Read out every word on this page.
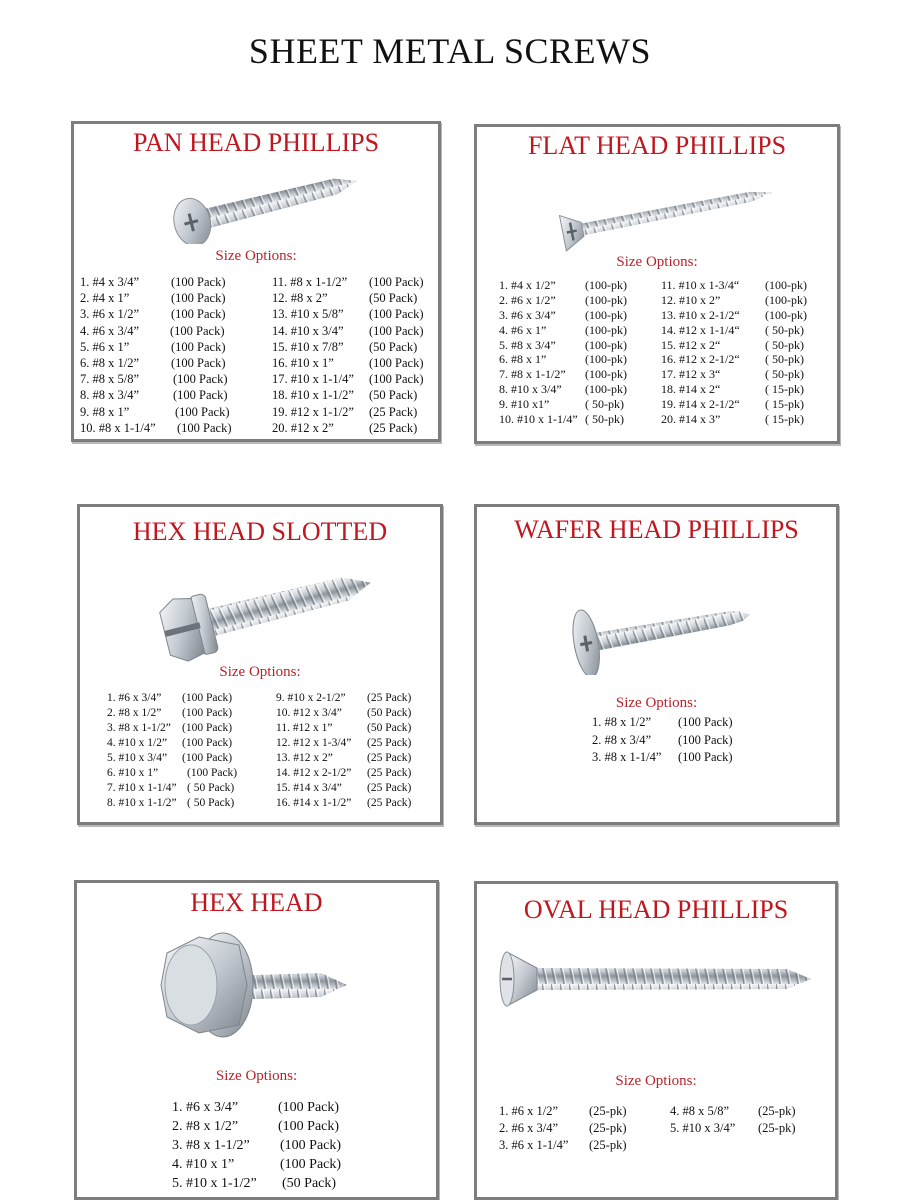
SHEET METAL SCREWS
PAN HEAD PHILLIPS
Size Options:
1. #4 x 3/4”	(100 Pack)
2. #4 x 1”	(100 Pack)
3. #6 x 1/2”	(100 Pack)
4. #6 x 3/4” (100 Pack)
5. #6 x 1”	(100 Pack)
6. #8 x 1/2”	(100 Pack)
7. #8 x 5/8”	(100 Pack)
8. #8 x 3/4”	(100 Pack)
9. #8 x 1”	(100 Pack)
10. #8 x 1-1/4” (100 Pack)
11. #8 x 1-1/2” (100 Pack)
12. #8 x 2”	(50 Pack)
13. #10 x 5/8” (100 Pack)
14. #10 x 3/4” (100 Pack)
15. #10 x 7/8” (50 Pack)
16. #10 x 1”	(100 Pack)
17. #10 x 1-1/4” (100 Pack)
18. #10 x 1-1/2” (50 Pack)
19. #12 x 1-1/2” (25 Pack)
20. #12 x 2”	(25 Pack)
FLAT HEAD PHILLIPS
Size Options:
1. #4 x 1/2” (100-pk)
2. #6 x 1/2” (100-pk)
3. #6 x 3/4” (100-pk)
4. #6 x 1”	(100-pk)
5. #8 x 3/4” (100-pk)
6. #8 x 1”	(100-pk)
7. #8 x 1-1/2” (100-pk)
8. #10 x 3/4” (100-pk)
9. #10 x1”	( 50-pk)
10. #10 x 1-1/4” ( 50-pk)
11. #10 x 1-3/4“ (100-pk)
12. #10 x 2”	(100-pk)
13. #10 x 2-1/2“ (100-pk)
14. #12 x 1-1/4“ ( 50-pk)
15. #12 x 2“	( 50-pk)
16. #12 x 2-1/2“ ( 50-pk)
17. #12 x 3“	( 50-pk)
18. #14 x 2“	( 15-pk)
19. #14 x 2-1/2“ ( 15-pk)
20. #14 x 3”	( 15-pk)
HEX HEAD SLOTTED
Size Options:
1. #6 x 3/4” (100 Pack)
2. #8 x 1/2” (100 Pack)
3. #8 x 1-1/2” (100 Pack)
4. #10 x 1/2” (100 Pack)
5. #10 x 3/4” (100 Pack)
6. #10 x 1”	(100 Pack)
7. #10 x 1-1/4” ( 50 Pack)
8. #10 x 1-1/2” ( 50 Pack)
9. #10 x 2-1/2” (25 Pack)
10. #12 x 3/4” (50 Pack)
11. #12 x 1”	(50 Pack)
12. #12 x 1-3/4” (25 Pack)
13. #12 x 2”	(25 Pack)
14. #12 x 2-1/2” (25 Pack)
15. #14 x 3/4” (25 Pack)
16. #14 x 1-1/2” (25 Pack)
WAFER HEAD PHILLIPS
Size Options:
1. #8 x 1/2” (100 Pack)
2. #8 x 3/4” (100 Pack)
3. #8 x 1-1/4” (100 Pack)
HEX HEAD
Size Options:
1. #6 x 3/4”	(100 Pack)
2. #8 x 1/2”	(100 Pack)
3. #8 x 1-1/2” (100 Pack)
4. #10 x 1”	(100 Pack)
5. #10 x 1-1/2” (50 Pack)
OVAL HEAD PHILLIPS
Size Options:
1. #6 x 1/2” (25-pk)
2. #6 x 3/4” (25-pk)
3. #6 x 1-1/4” (25-pk)
4. #8 x 5/8” (25-pk)
5. #10 x 3/4” (25-pk)
